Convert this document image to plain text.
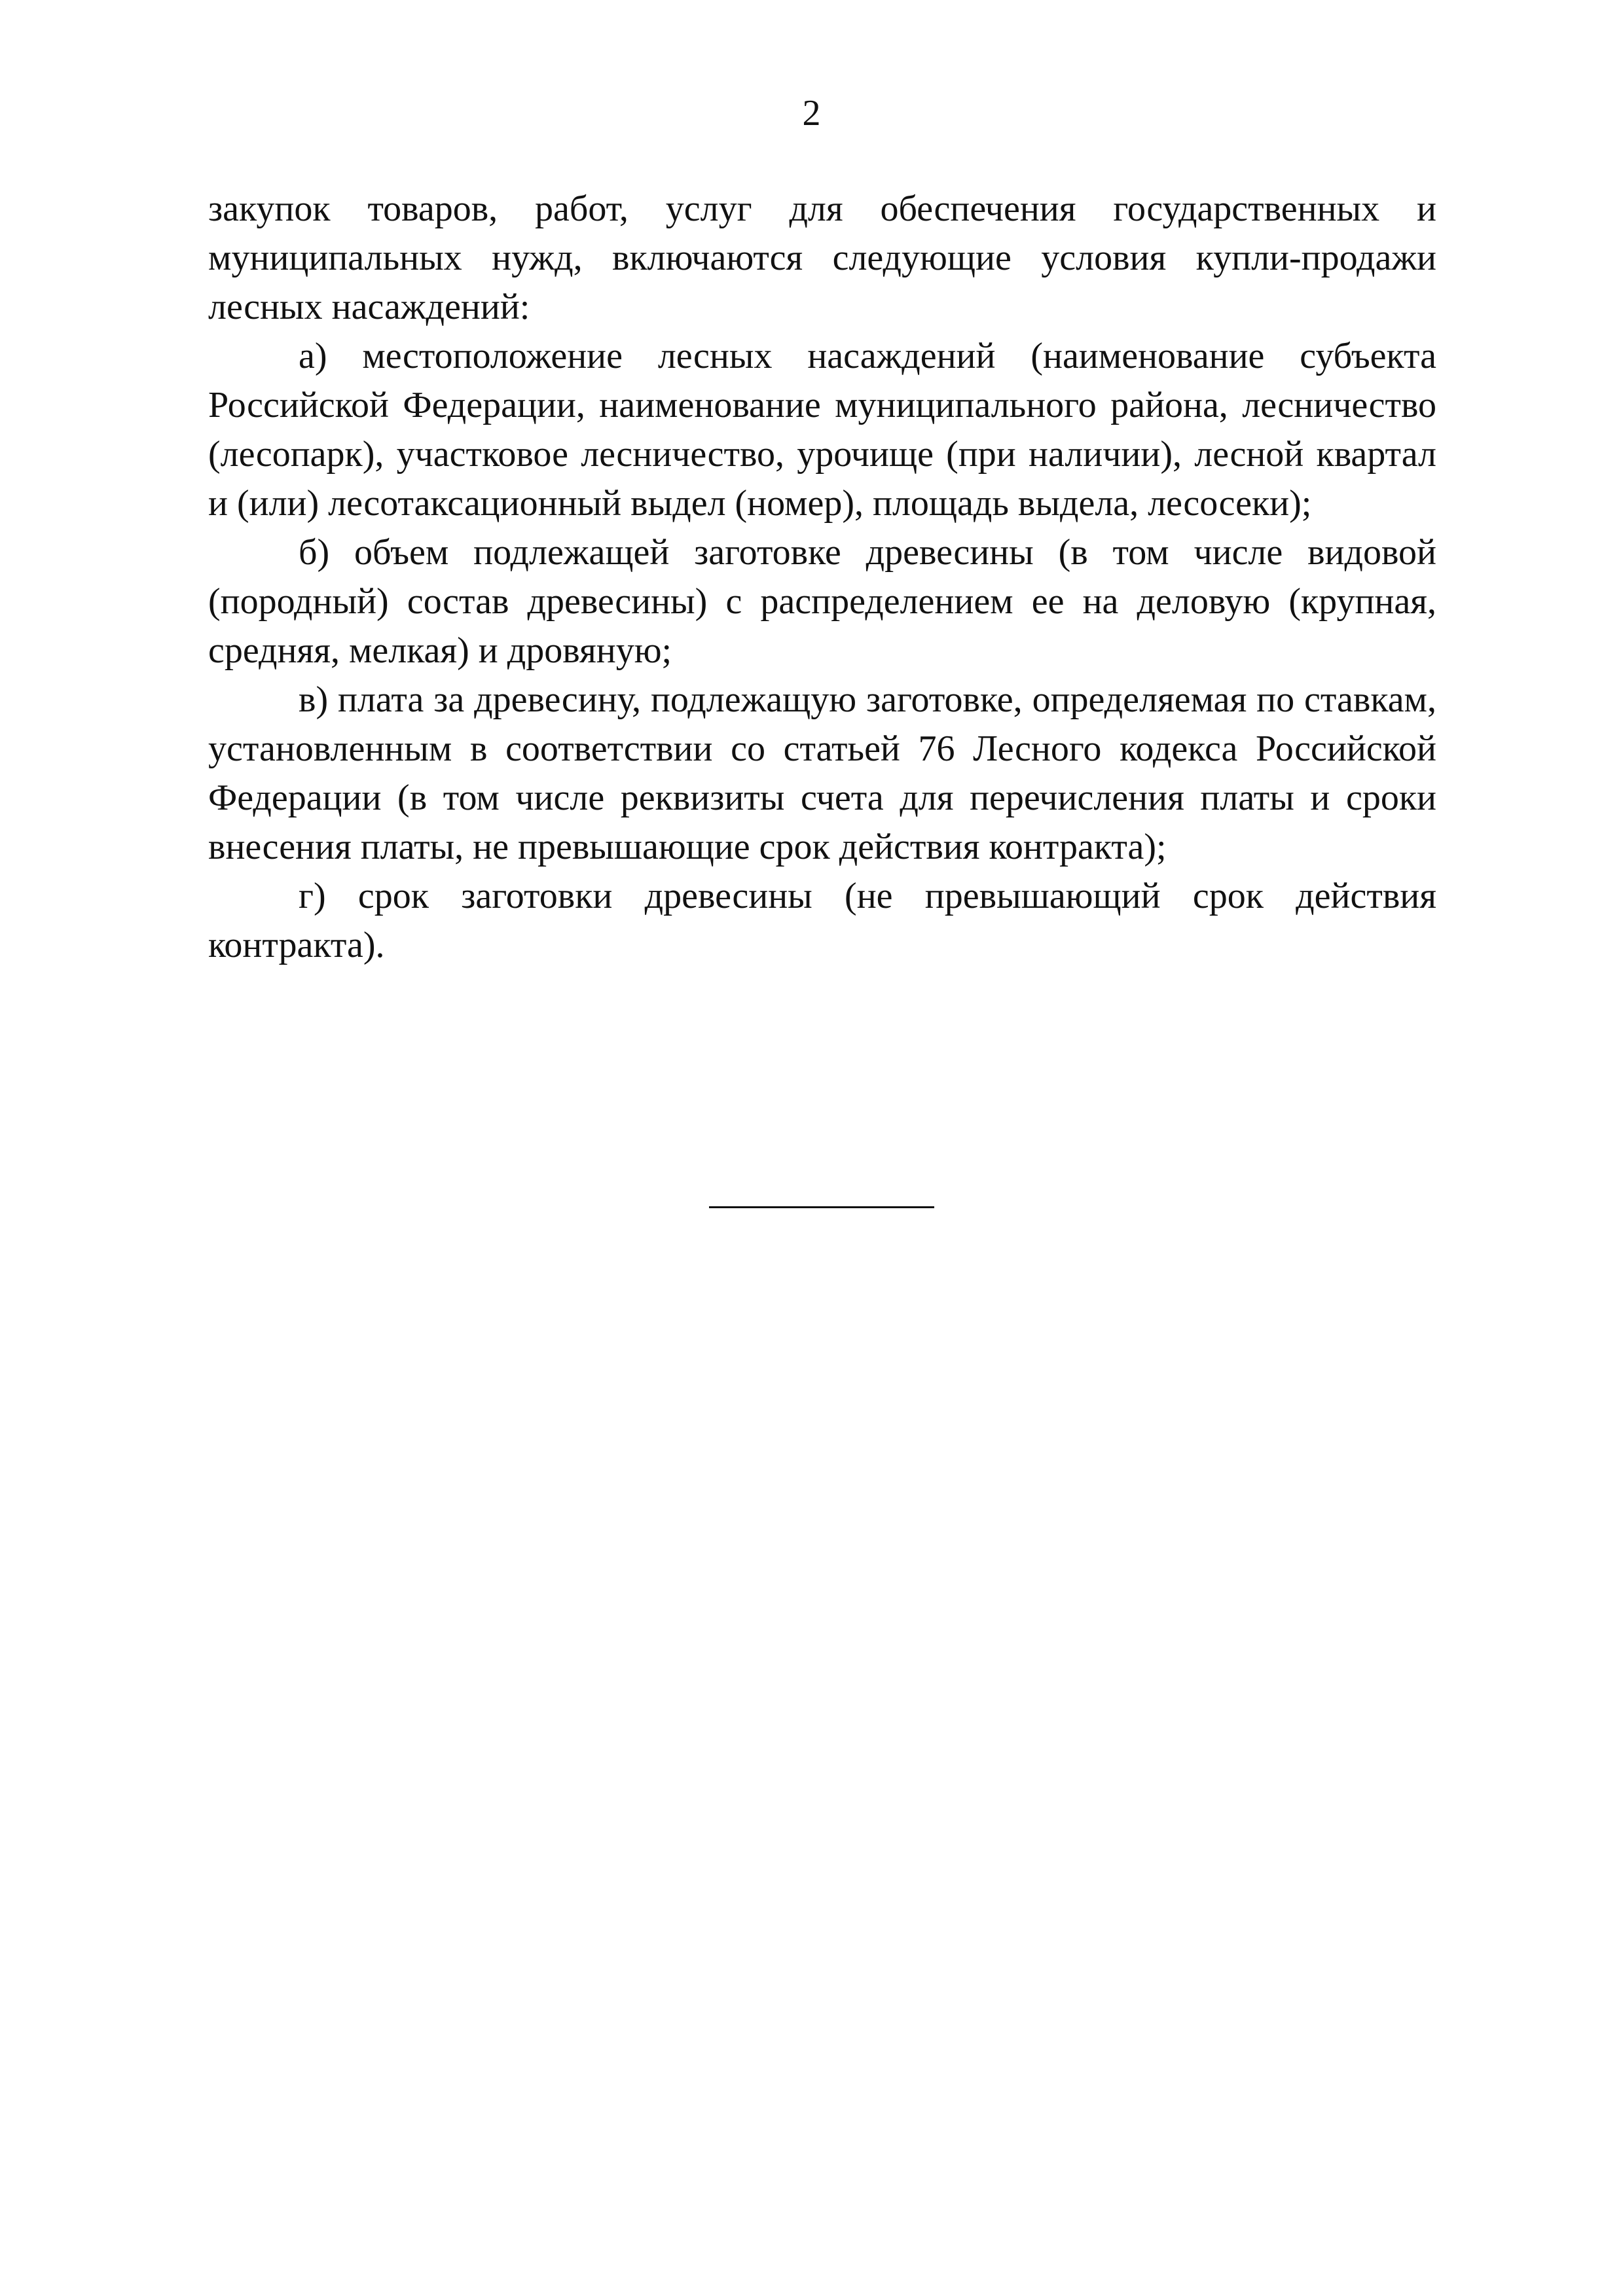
2

закупок товаров, работ, услуг для обеспечения государственных и муниципальных нужд, включаются следующие условия купли-продажи лесных насаждений:

а) местоположение лесных насаждений (наименование субъекта Российской Федерации, наименование муниципального района, лесничество (лесопарк), участковое лесничество, урочище (при наличии), лесной квартал и (или) лесотаксационный выдел (номер), площадь выдела, лесосеки);

б) объем подлежащей заготовке древесины (в том числе видовой (породный) состав древесины) с распределением ее на деловую (крупная, средняя, мелкая) и дровяную;

в) плата за древесину, подлежащую заготовке, определяемая по ставкам, установленным в соответствии со статьей 76 Лесного кодекса Российской Федерации (в том числе реквизиты счета для перечисления платы и сроки внесения платы, не превышающие срок действия контракта);

г) срок заготовки древесины (не превышающий срок действия контракта).
